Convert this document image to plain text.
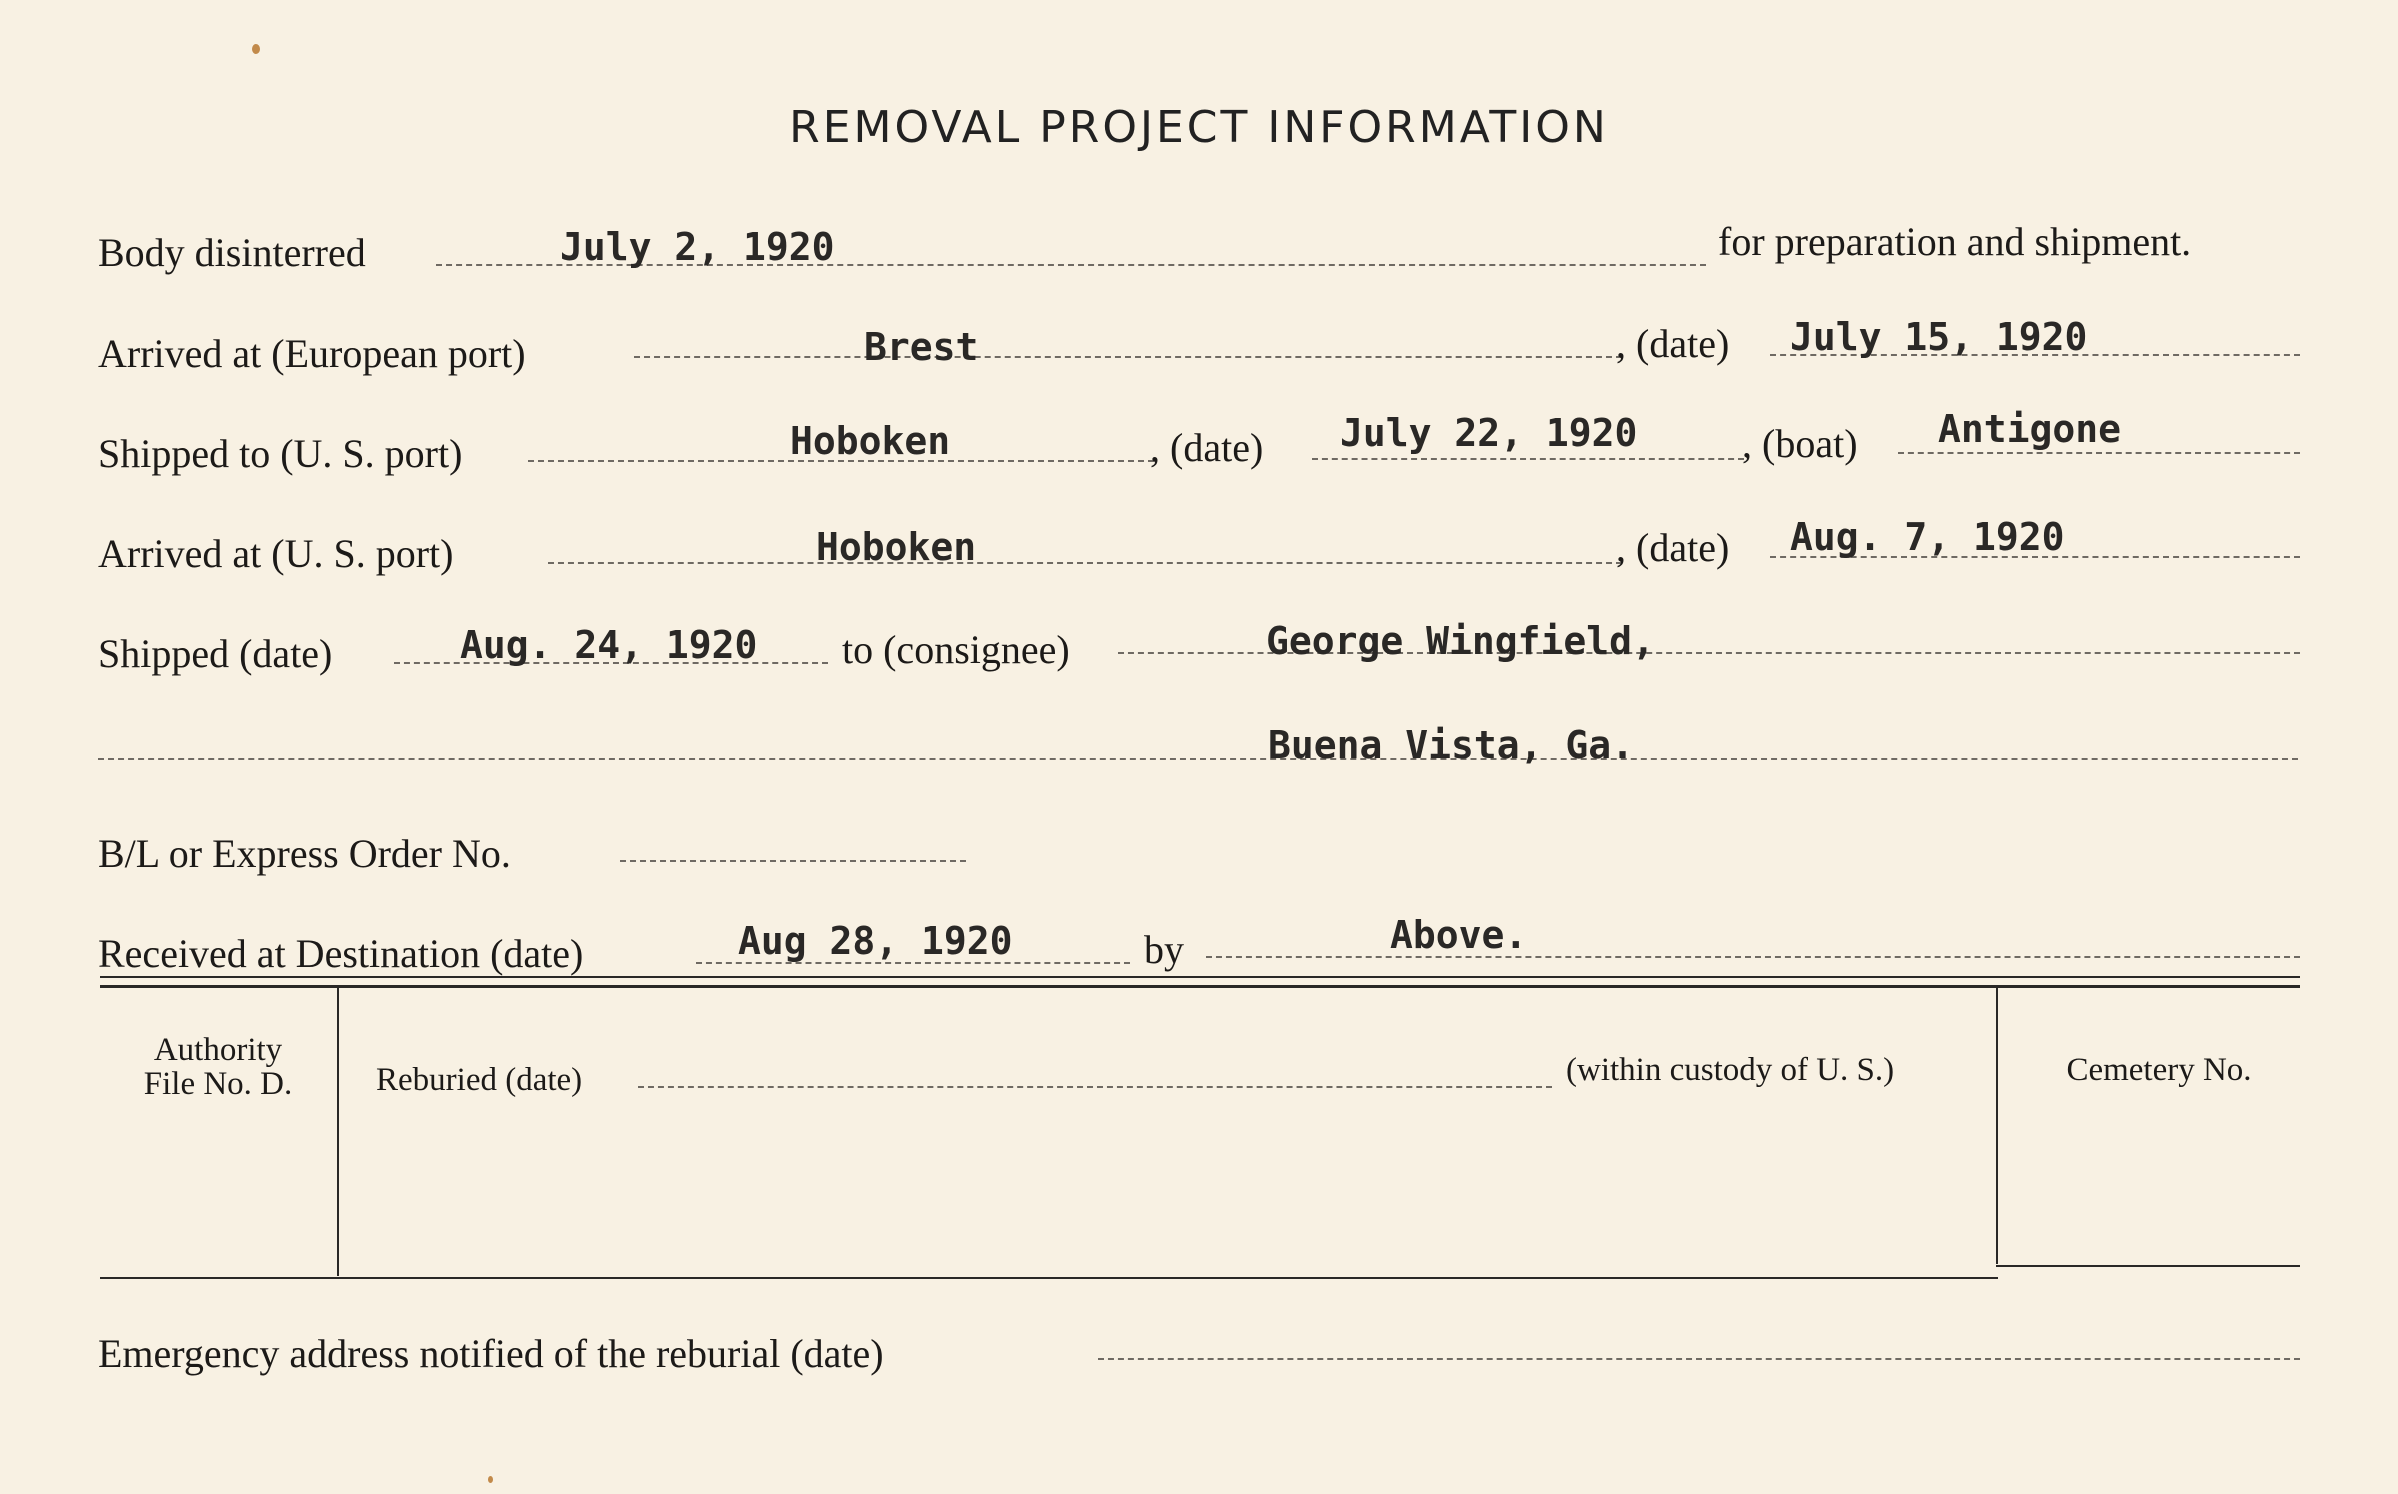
REMOVAL PROJECT INFORMATION
Body disinterred	July 2, 1920	for preparation and shipment.
Arrived at (European port)	Brest	, (date) July 15, 1920
Shipped to (U. S. port)	Hoboken	, (date) July 22, 1920	, (boat) Antigone
Arrived at (U. S. port)	Hoboken	, (date) Aug. 7, 1920
Shipped (date)	Aug. 24, 1920 to (consignee)	George Wingfield,
Buena Vista, Ga.
B/L or Express Order No.
Received at Destination (date)	Aug 28, 1920	by	Above.
Authority
File No. D.	Reburied (date)	(within custody of U. S.)	Cemetery No.
Emergency address notified of the reburial (date)
